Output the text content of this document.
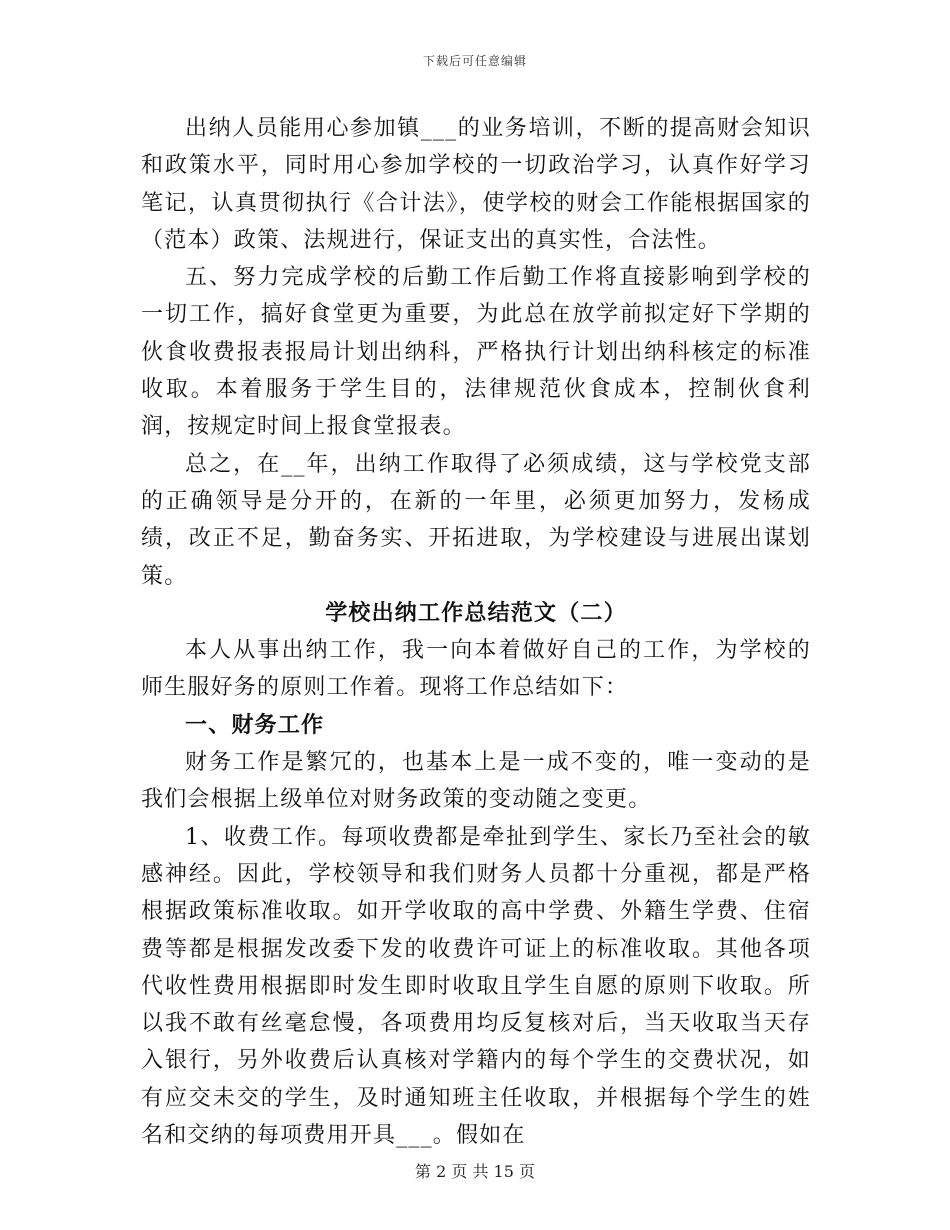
下载后可任意编辑

出纳人员能用心参加镇___的业务培训，不断的提高财会知识和政策水平，同时用心参加学校的一切政治学习，认真作好学习笔记，认真贯彻执行《合计法》，使学校的财会工作能根据国家的（范本）政策、法规进行，保证支出的真实性，合法性。

五、努力完成学校的后勤工作后勤工作将直接影响到学校的一切工作，搞好食堂更为重要，为此总在放学前拟定好下学期的伙食收费报表报局计划出纳科，严格执行计划出纳科核定的标准收取。本着服务于学生目的，法律规范伙食成本，控制伙食利润，按规定时间上报食堂报表。

总之，在__年，出纳工作取得了必须成绩，这与学校党支部的正确领导是分开的，在新的一年里，必须更加努力，发杨成绩，改正不足，勤奋务实、开拓进取，为学校建设与进展出谋划策。

学校出纳工作总结范文（二）

本人从事出纳工作，我一向本着做好自己的工作，为学校的师生服好务的原则工作着。现将工作总结如下：

一、财务工作

财务工作是繁冗的，也基本上是一成不变的，唯一变动的是我们会根据上级单位对财务政策的变动随之变更。

1、收费工作。每项收费都是牵扯到学生、家长乃至社会的敏感神经。因此，学校领导和我们财务人员都十分重视，都是严格根据政策标准收取。如开学收取的高中学费、外籍生学费、住宿费等都是根据发改委下发的收费许可证上的标准收取。其他各项代收性费用根据即时发生即时收取且学生自愿的原则下收取。所以我不敢有丝毫怠慢，各项费用均反复核对后，当天收取当天存入银行，另外收费后认真核对学籍内的每个学生的交费状况，如有应交未交的学生，及时通知班主任收取，并根据每个学生的姓名和交纳的每项费用开具___。假如在

第 2 页 共 15 页
